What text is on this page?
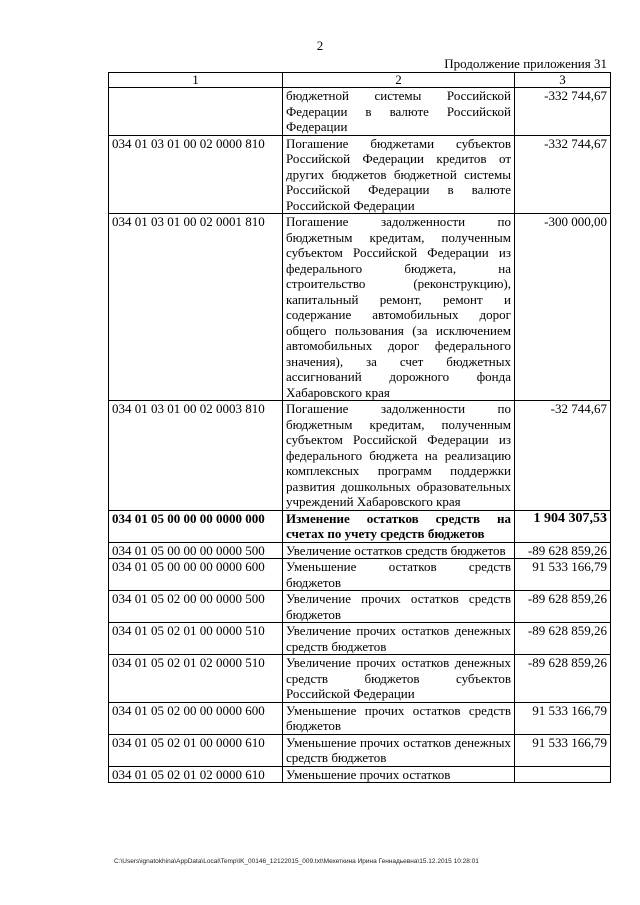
2
Продолжение приложения 31
1	2	3
	бюджетной системы Российской Федерации в валюте Российской Федерации	-332 744,67
034 01 03 01 00 02 0000 810	Погашение бюджетами субъектов Российской Федерации кредитов от других бюджетов бюджетной системы Российской Федерации в валюте Российской Федерации	-332 744,67
034 01 03 01 00 02 0001 810	Погашение задолженности по бюджетным кредитам, полученным субъектом Российской Федерации из федерального бюджета, на строительство (реконструкцию), капитальный ремонт, ремонт и содержание автомобильных дорог общего пользования (за исключением автомобильных дорог федерального значения), за счет бюджетных ассигнований дорожного фонда Хабаровского края	-300 000,00
034 01 03 01 00 02 0003 810	Погашение задолженности по бюджетным кредитам, полученным субъектом Российской Федерации из федерального бюджета на реализацию комплексных программ поддержки развития дошкольных образовательных учреждений Хабаровского края	-32 744,67
034 01 05 00 00 00 0000 000	Изменение остатков средств на счетах по учету средств бюджетов	1 904 307,53
034 01 05 00 00 00 0000 500	Увеличение остатков средств бюджетов	-89 628 859,26
034 01 05 00 00 00 0000 600	Уменьшение остатков средств бюджетов	91 533 166,79
034 01 05 02 00 00 0000 500	Увеличение прочих остатков средств бюджетов	-89 628 859,26
034 01 05 02 01 00 0000 510	Увеличение прочих остатков денежных средств бюджетов	-89 628 859,26
034 01 05 02 01 02 0000 510	Увеличение прочих остатков денежных средств бюджетов субъектов Российской Федерации	-89 628 859,26
034 01 05 02 00 00 0000 600	Уменьшение прочих остатков средств бюджетов	91 533 166,79
034 01 05 02 01 00 0000 610	Уменьшение прочих остатков денежных средств бюджетов	91 533 166,79
034 01 05 02 01 02 0000 610	Уменьшение прочих остатков	
C:\Users\ignatokhina\AppData\Local\Temp\IK_00146_12122015_009.txt\Мехеткина Ирина Геннадьевна\15.12.2015 10:28:01
